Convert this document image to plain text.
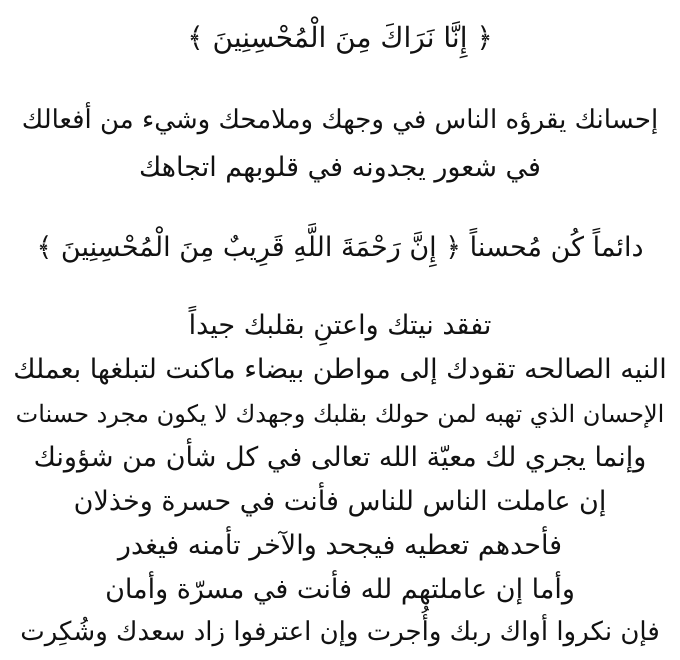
﴿ إِنَّا نَرَاكَ مِنَ الْمُحْسِنِينَ ﴾
إحسانك يقرؤه الناس في وجهك وملامحك وشيء من أفعالك
في شعور يجدونه في قلوبهم اتجاهك
دائماً كُن مُحسناً ﴿ إِنَّ رَحْمَةَ اللَّهِ قَرِيبٌ مِنَ الْمُحْسِنِينَ ﴾
تفقد نيتك واعتنِ بقلبك جيداً
النيه الصالحه تقودك إلى مواطن بيضاء ماكنت لتبلغها بعملك
الإحسان الذي تهبه لمن حولك بقلبك وجهدك لا يكون مجرد حسنات
وإنما يجري لك معيّة الله تعالى في كل شأن من شؤونك
إن عاملت الناس للناس فأنت في حسرة وخذلان
فأحدهم تعطيه فيجحد والآخر تأمنه فيغدر
وأما إن عاملتهم لله فأنت في مسرّة وأمان
فإن نكروا أواك ربك وأُجرت وإن اعترفوا زاد سعدك وشُكِرت
